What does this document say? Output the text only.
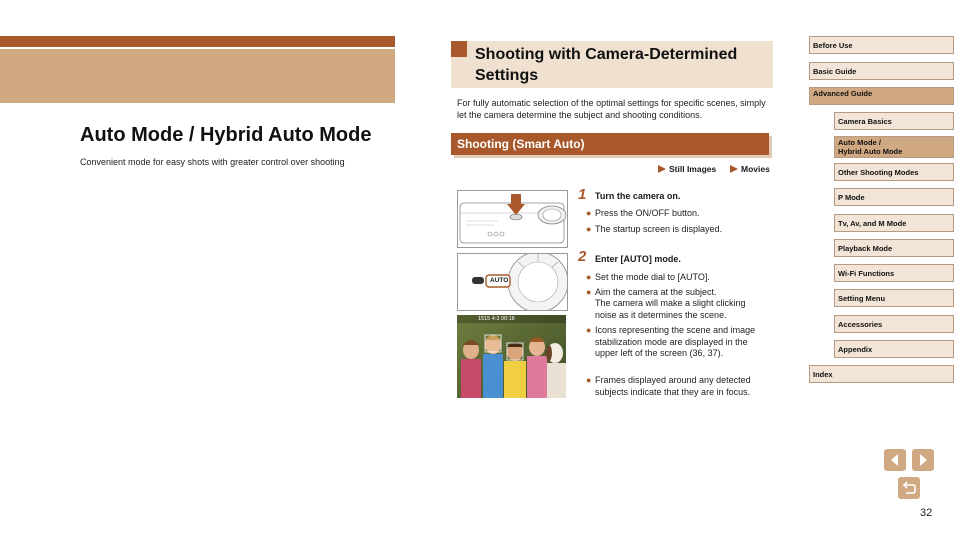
Auto Mode / Hybrid Auto Mode
Convenient mode for easy shots with greater control over shooting
Shooting with Camera-Determined Settings
For fully automatic selection of the optimal settings for specific scenes, simply let the camera determine the subject and shooting conditions.
Shooting (Smart Auto)
Still Images	Movies
AUTO
1515 4:3 00:18
1 Turn the camera on.
● Press the ON/OFF button.
● The startup screen is displayed.
2 Enter [AUTO] mode.
● Set the mode dial to [AUTO].
● Aim the camera at the subject.
The camera will make a slight clicking noise as it determines the scene.
● Icons representing the scene and image stabilization mode are displayed in the upper left of the screen (36, 37).
● Frames displayed around any detected subjects indicate that they are in focus.
Before Use
Basic Guide
Advanced Guide
Camera Basics
Auto Mode /
Hybrid Auto Mode
Other Shooting Modes
P Mode
Tv, Av, and M Mode
Playback Mode
Wi-Fi Functions
Setting Menu
Accessories
Appendix
Index
32
